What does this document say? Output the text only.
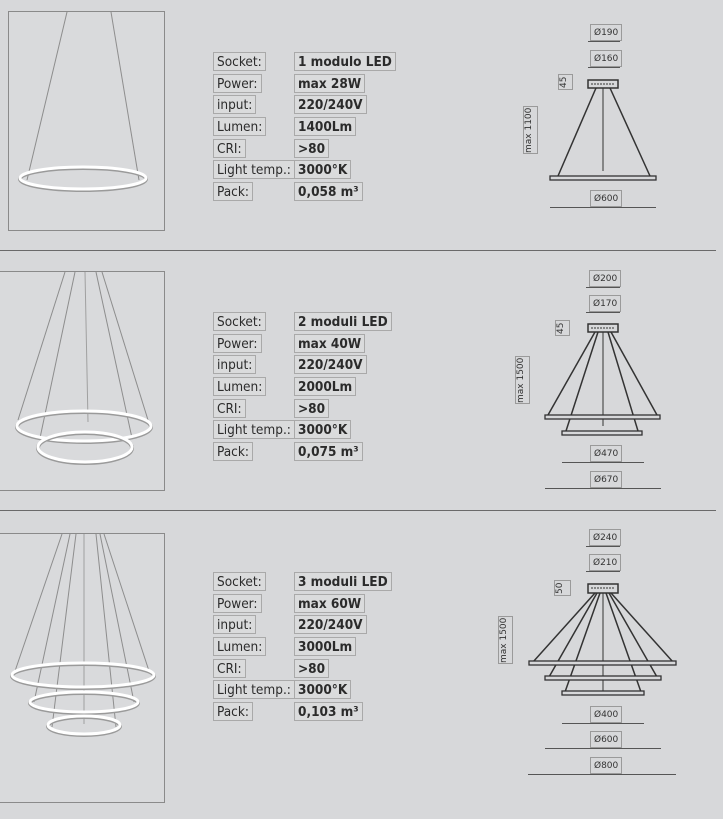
Socket:	1 modulo LED
Power:	max 28W
input:	220/240V
Lumen:	1400Lm
CRI:	>80
Light temp.: 3000°K
Pack:	0,058 m³
Ø190
Ø160
45
max 1100
Ø600
Socket:	2 moduli LED
Power:	max 40W
input:	220/240V
Lumen:	2000Lm
CRI:	>80
Light temp.: 3000°K
Pack:	0,075 m³
Ø200
Ø170
45
max 1500
Ø470
Ø670
Socket:	3 moduli LED
Power:	max 60W
input:	220/240V
Lumen:	3000Lm
CRI:	>80
Light temp.: 3000°K
Pack:	0,103 m³
Ø240
Ø210
50
max 1500
Ø400
Ø600
Ø800
